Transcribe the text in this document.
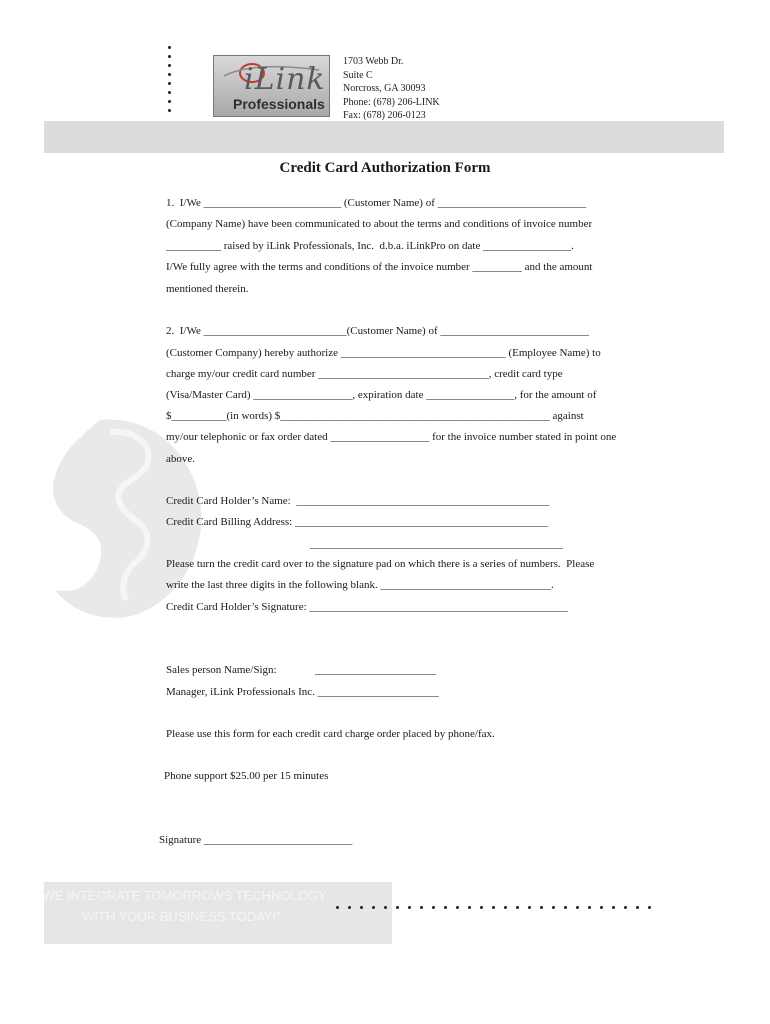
iLink
Professionals
1703 Webb Dr.
Suite C
Norcross, GA 30093
Phone: (678) 206-LINK
Fax: (678) 206-0123
Credit Card Authorization Form
1.  I/We _________________________ (Customer Name) of ___________________________
(Company Name) have been communicated to about the terms and conditions of invoice number
__________ raised by iLink Professionals, Inc.  d.b.a. iLinkPro on date ________________.
I/We fully agree with the terms and conditions of the invoice number _________ and the amount
mentioned therein.
2.  I/We __________________________(Customer Name) of ___________________________
(Customer Company) hereby authorize ______________________________ (Employee Name) to
charge my/our credit card number _______________________________, credit card type
(Visa/Master Card) __________________, expiration date ________________, for the amount of
$__________(in words) $_________________________________________________ against
my/our telephonic or fax order dated __________________ for the invoice number stated in point one
above.
Credit Card Holder’s Name:  ______________________________________________
Credit Card Billing Address: ______________________________________________
______________________________________________
Please turn the credit card over to the signature pad on which there is a series of numbers.  Please
write the last three digits in the following blank. _______________________________.
Credit Card Holder’s Signature: _______________________________________________
Sales person Name/Sign:              ______________________
Manager, iLink Professionals Inc. ______________________
Please use this form for each credit card charge order placed by phone/fax.
Phone support $25.00 per 15 minutes
Signature ___________________________
“WE INTEGRATE TOMORROWS TECHNOLOGY
WITH YOUR BUSINESS TODAY!”
